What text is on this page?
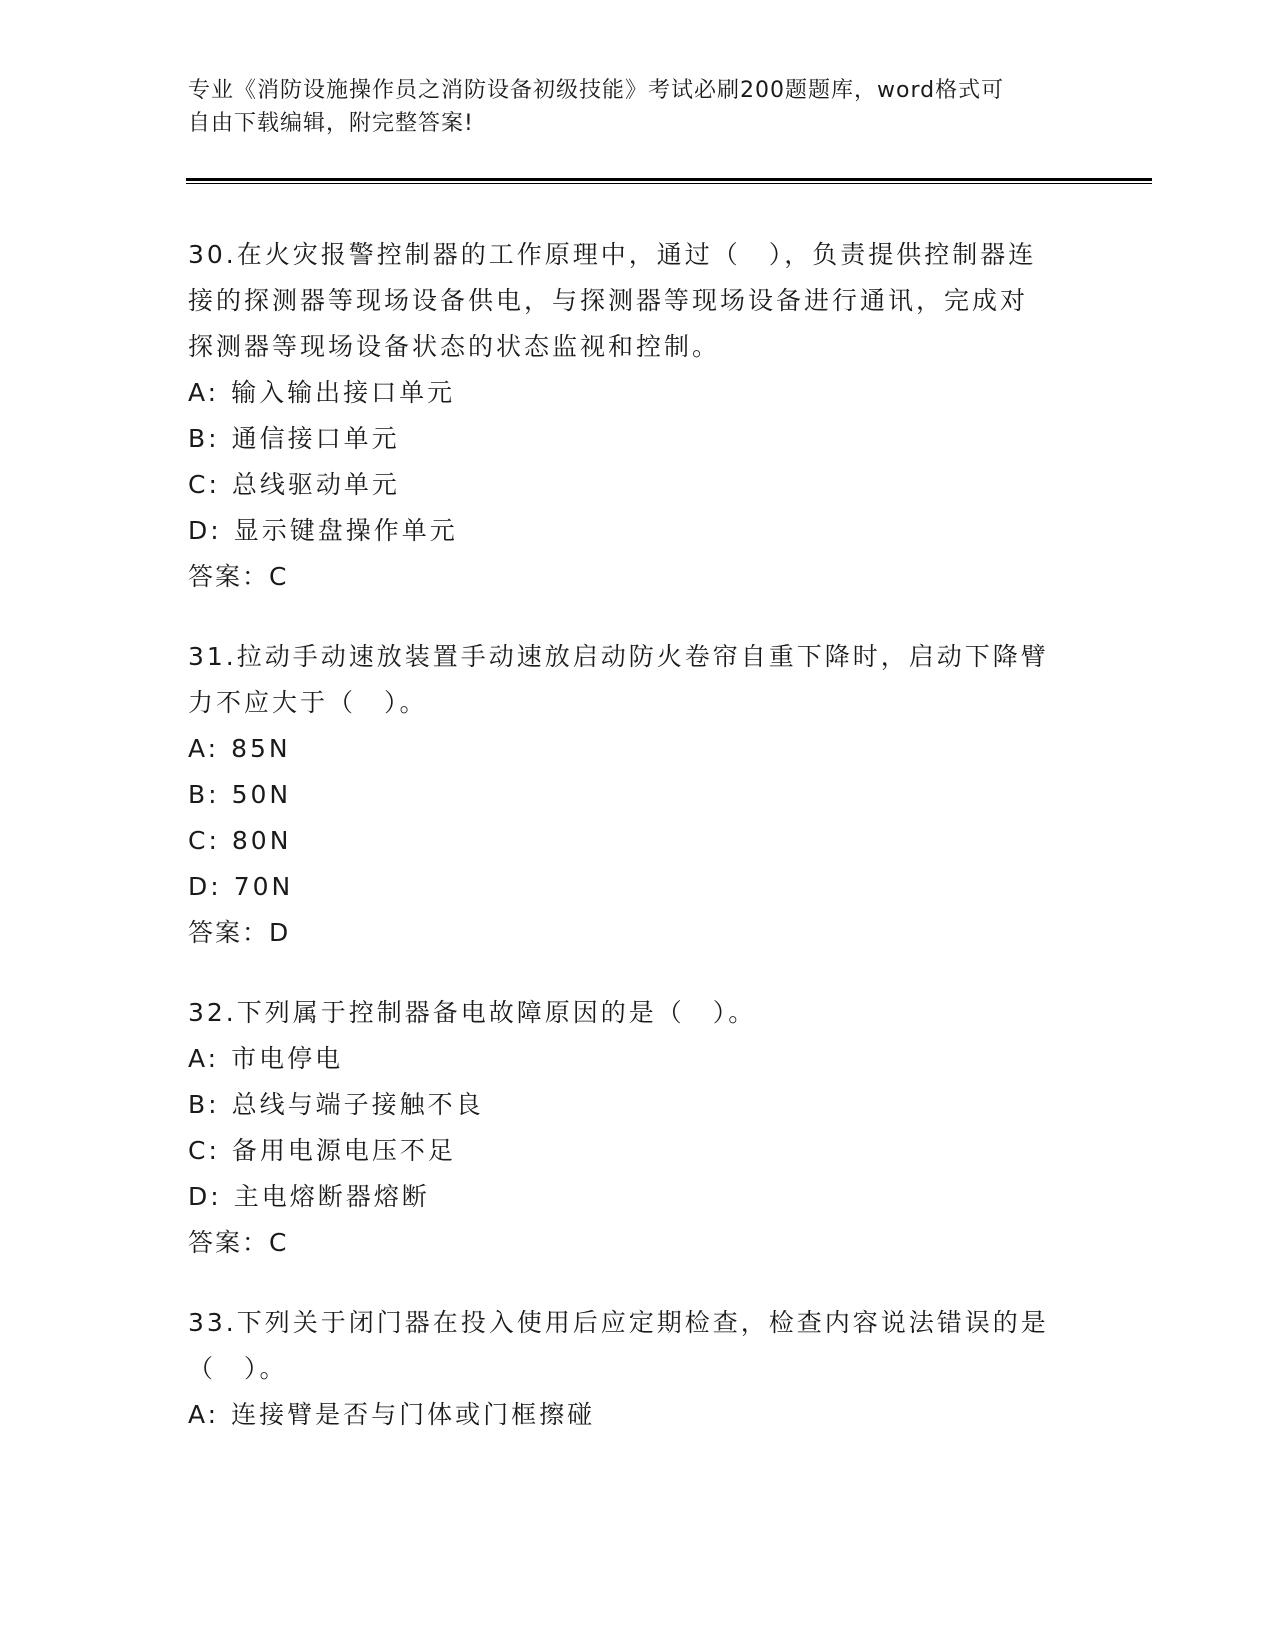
专业《消防设施操作员之消防设备初级技能》考试必刷200题题库，word格式可
自由下载编辑，附完整答案!
30.在火灾报警控制器的工作原理中，通过（　），负责提供控制器连
接的探测器等现场设备供电，与探测器等现场设备进行通讯，完成对
探测器等现场设备状态的状态监视和控制。
A: 输入输出接口单元
B: 通信接口单元
C: 总线驱动单元
D: 显示键盘操作单元
答案：C
31.拉动手动速放装置手动速放启动防火卷帘自重下降时，启动下降臂
力不应大于（　）。
A: 85N
B: 50N
C: 80N
D: 70N
答案：D
32.下列属于控制器备电故障原因的是（　）。
A: 市电停电
B: 总线与端子接触不良
C: 备用电源电压不足
D: 主电熔断器熔断
答案：C
33.下列关于闭门器在投入使用后应定期检查，检查内容说法错误的是
（　）。
A: 连接臂是否与门体或门框擦碰
